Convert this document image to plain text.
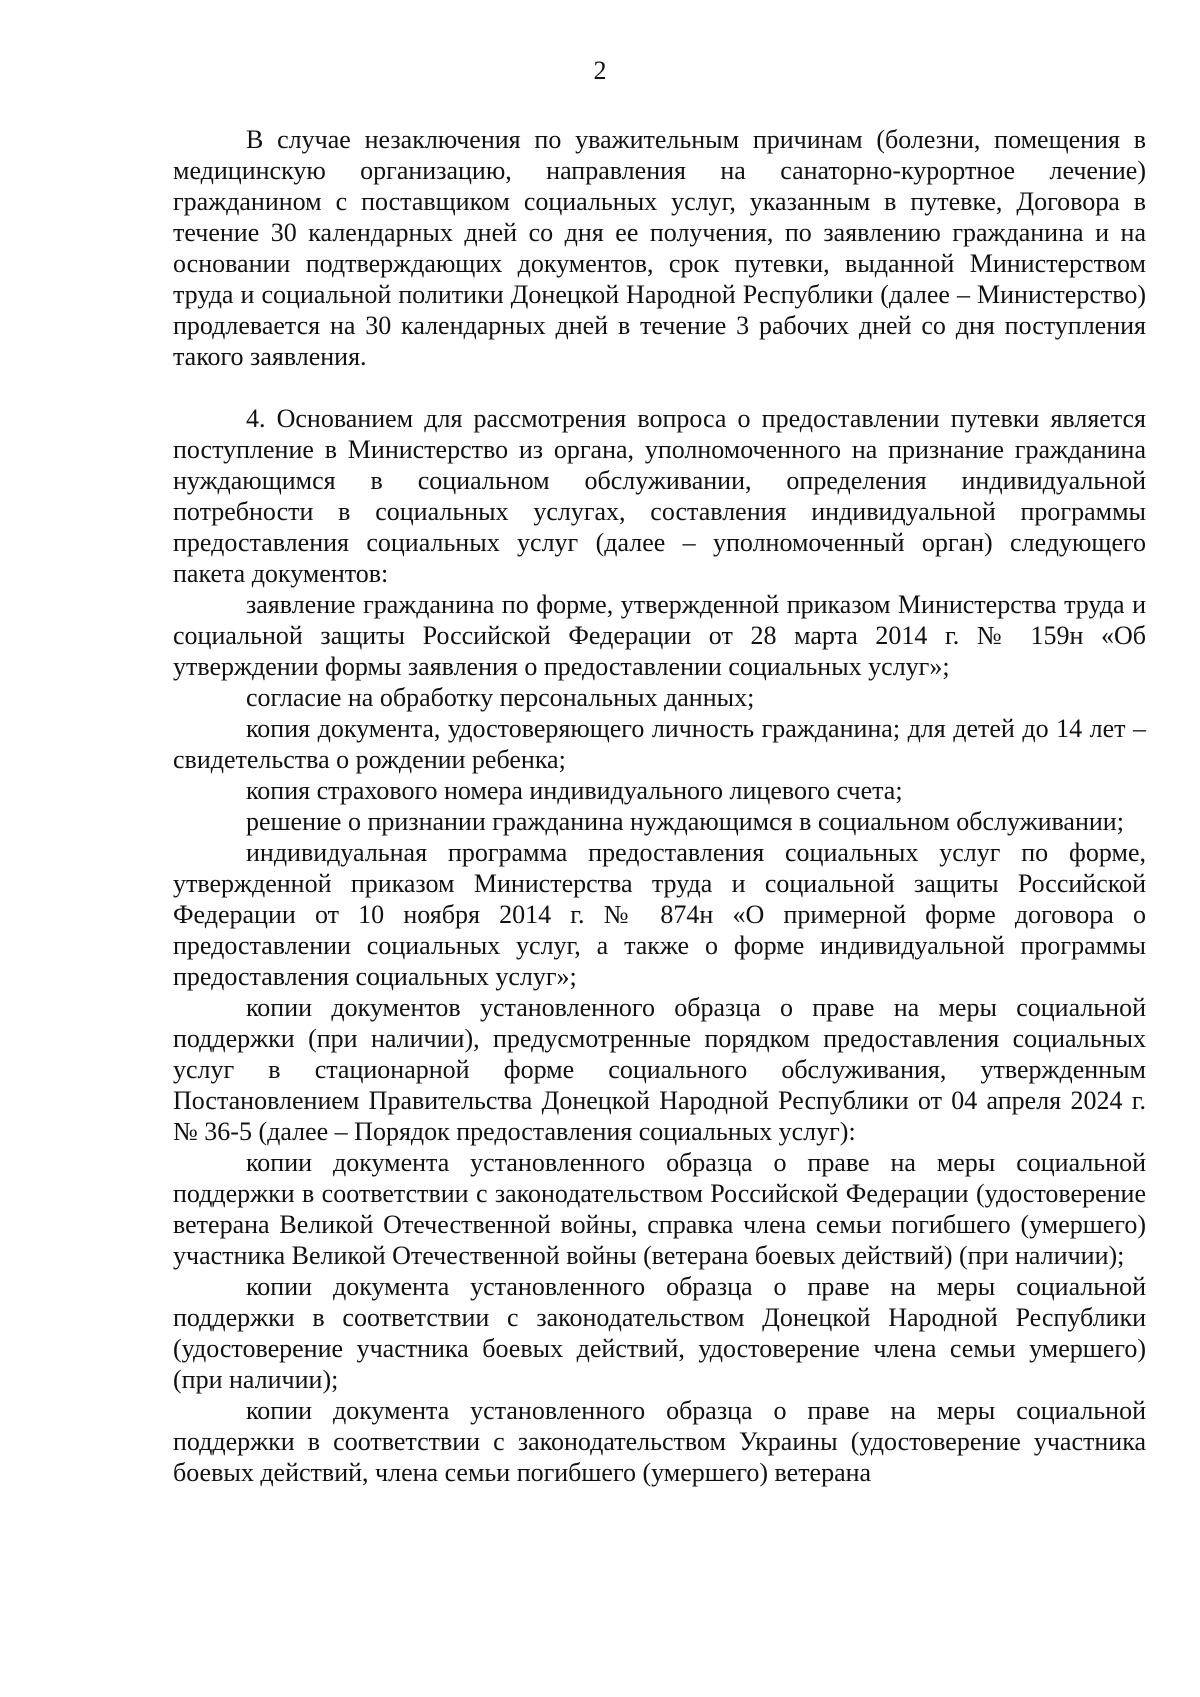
2

В случае незаключения по уважительным причинам (болезни, помещения в медицинскую организацию, направления на санаторно-курортное лечение) гражданином с поставщиком социальных услуг, указанным в путевке, Договора в течение 30 календарных дней со дня ее получения, по заявлению гражданина и на основании подтверждающих документов, срок путевки, выданной Министерством труда и социальной политики Донецкой Народной Республики (далее – Министерство) продлевается на 30 календарных дней в течение 3 рабочих дней со дня поступления такого заявления.

4. Основанием для рассмотрения вопроса о предоставлении путевки является поступление в Министерство из органа, уполномоченного на признание гражданина нуждающимся в социальном обслуживании, определения индивидуальной потребности в социальных услугах, составления индивидуальной программы предоставления социальных услуг (далее – уполномоченный орган) следующего пакета документов:

заявление гражданина по форме, утвержденной приказом Министерства труда и социальной защиты Российской Федерации от 28 марта 2014 г. № 159н «Об утверждении формы заявления о предоставлении социальных услуг»;

согласие на обработку персональных данных;

копия документа, удостоверяющего личность гражданина; для детей до 14 лет – свидетельства о рождении ребенка;

копия страхового номера индивидуального лицевого счета;

решение о признании гражданина нуждающимся в социальном обслуживании;

индивидуальная программа предоставления социальных услуг по форме, утвержденной приказом Министерства труда и социальной защиты Российской Федерации от 10 ноября 2014 г. № 874н «О примерной форме договора о предоставлении социальных услуг, а также о форме индивидуальной программы предоставления социальных услуг»;

копии документов установленного образца о праве на меры социальной поддержки (при наличии), предусмотренные порядком предоставления социальных услуг в стационарной форме социального обслуживания, утвержденным Постановлением Правительства Донецкой Народной Республики от 04 апреля 2024 г. № 36-5 (далее – Порядок предоставления социальных услуг):

копии документа установленного образца о праве на меры социальной поддержки в соответствии с законодательством Российской Федерации (удостоверение ветерана Великой Отечественной войны, справка члена семьи погибшего (умершего) участника Великой Отечественной войны (ветерана боевых действий) (при наличии);

копии документа установленного образца о праве на меры социальной поддержки в соответствии с законодательством Донецкой Народной Республики (удостоверение участника боевых действий, удостоверение члена семьи умершего) (при наличии);

копии документа установленного образца о праве на меры социальной поддержки в соответствии с законодательством Украины (удостоверение участника боевых действий, члена семьи погибшего (умершего) ветерана
